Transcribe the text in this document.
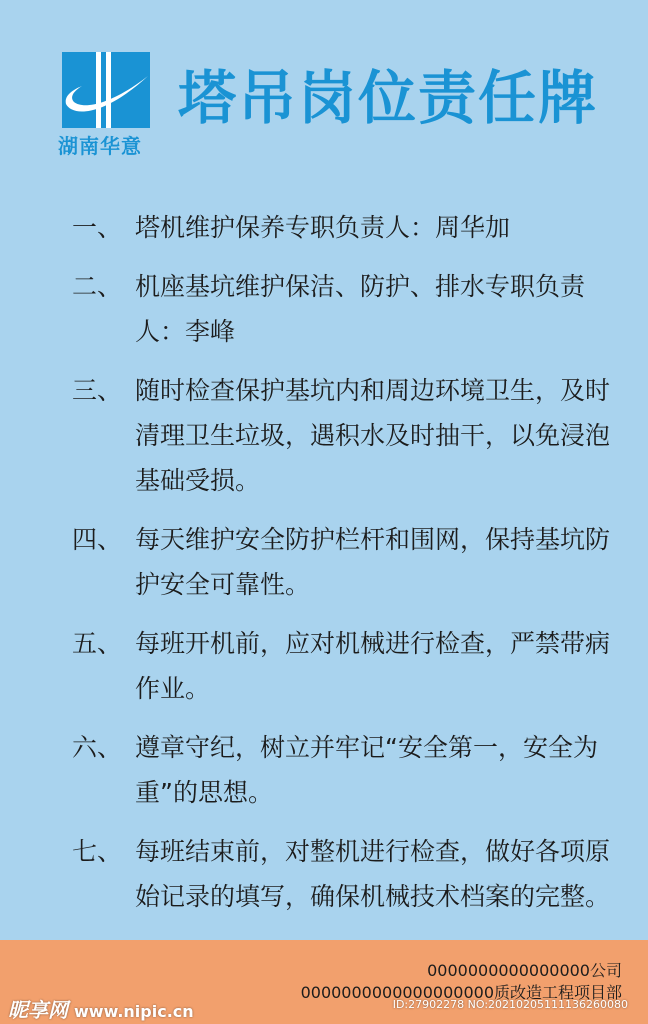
湖南华意
塔吊岗位责任牌
一、 塔机维护保养专职负责人：周华加
二、 机座基坑维护保洁、防护、排水专职负责人：李峰
三、 随时检查保护基坑内和周边环境卫生，及时清理卫生垃圾，遇积水及时抽干，以免浸泡基础受损。
四、 每天维护安全防护栏杆和围网，保持基坑防护安全可靠性。
五、 每班开机前，应对机械进行检查，严禁带病作业。
六、 遵章守纪，树立并牢记“安全第一，安全为重”的思想。
七、 每班结束前，对整机进行检查，做好各项原始记录的填写，确保机械技术档案的完整。
0000000000000000公司
0000000000000000000质改造工程项目部
昵享网 www.nipic.cn	ID:27902278 NO:20210205111136260080
